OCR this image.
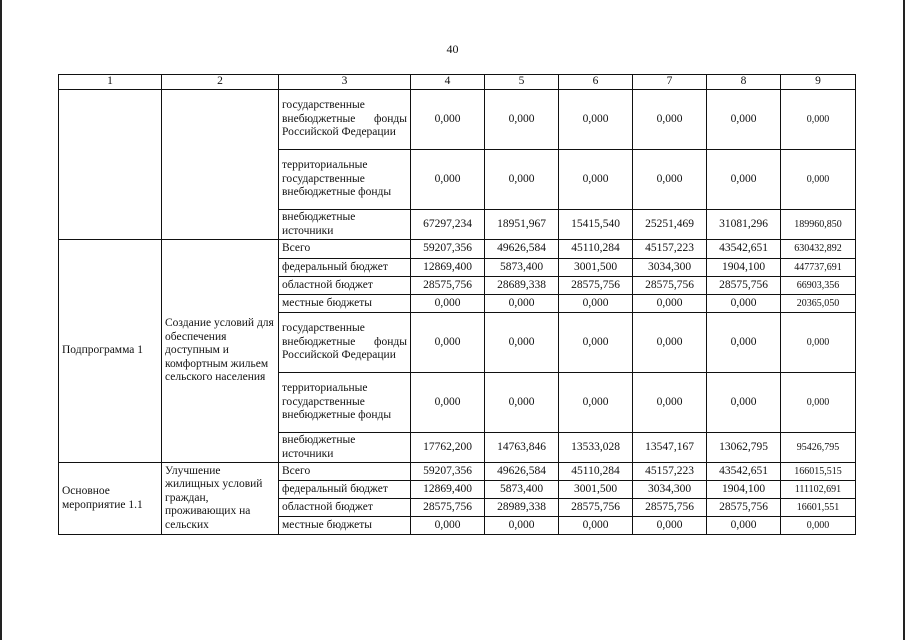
40
1	2	3	4	5	6	7	8	9
		государственные внебюджетные фонды Российской Федерации	0,000	0,000	0,000	0,000	0,000	0,000
		территориальные государственные внебюджетные фонды	0,000	0,000	0,000	0,000	0,000	0,000
		внебюджетные источники	67297,234	18951,967	15415,540	25251,469	31081,296	189960,850
Подпрограмма 1	Создание условий для обеспечения доступным и комфортным жильем сельского населения	Всего	59207,356	49626,584	45110,284	45157,223	43542,651	630432,892
		федеральный бюджет	12869,400	5873,400	3001,500	3034,300	1904,100	447737,691
		областной бюджет	28575,756	28689,338	28575,756	28575,756	28575,756	66903,356
		местные бюджеты	0,000	0,000	0,000	0,000	0,000	20365,050
		государственные внебюджетные фонды Российской Федерации	0,000	0,000	0,000	0,000	0,000	0,000
		территориальные государственные внебюджетные фонды	0,000	0,000	0,000	0,000	0,000	0,000
		внебюджетные источники	17762,200	14763,846	13533,028	13547,167	13062,795	95426,795
Основное мероприятие 1.1	Улучшение жилищных условий граждан, проживающих на сельских	Всего	59207,356	49626,584	45110,284	45157,223	43542,651	166015,515
		федеральный бюджет	12869,400	5873,400	3001,500	3034,300	1904,100	111102,691
		областной бюджет	28575,756	28989,338	28575,756	28575,756	28575,756	16601,551
		местные бюджеты	0,000	0,000	0,000	0,000	0,000	0,000
